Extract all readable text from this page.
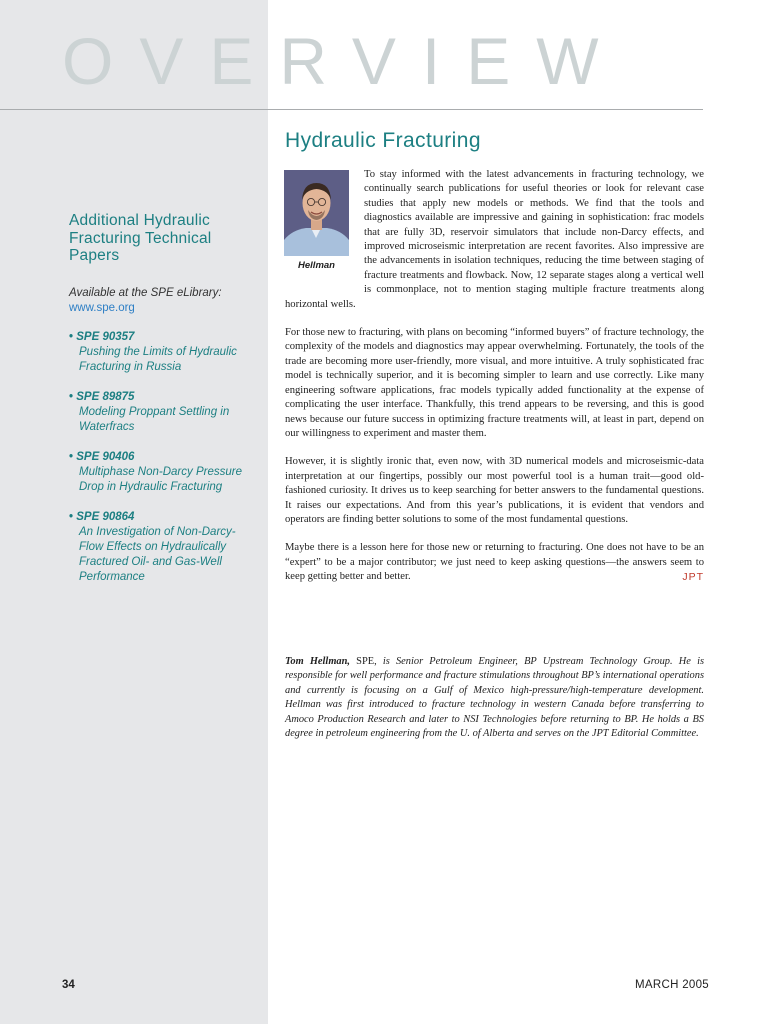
OVERVIEW
Additional Hydraulic Fracturing Technical Papers
Available at the SPE eLibrary:
www.spe.org
• SPE 90357
Pushing the Limits of Hydraulic Fracturing in Russia
• SPE 89875
Modeling Proppant Settling in Waterfracs
• SPE 90406
Multiphase Non-Darcy Pressure Drop in Hydraulic Fracturing
• SPE 90864
An Investigation of Non-Darcy-Flow Effects on Hydraulically Fractured Oil- and Gas-Well Performance
Hydraulic Fracturing
Hellman

To stay informed with the latest advancements in fracturing technology, we continually search publications for useful theories or look for relevant case studies that apply new models or methods. We find that the tools and diagnostics available are impressive and gaining in sophistication: frac models that are fully 3D, reservoir simulators that include non-Darcy effects, and improved microseismic interpretation are recent favorites. Also impressive are the advancements in isolation techniques, reducing the time between staging of fracture treatments and flowback. Now, 12 separate stages along a vertical well is commonplace, not to mention staging multiple fracture treatments along horizontal wells.

For those new to fracturing, with plans on becoming “informed buyers” of fracture technology, the complexity of the models and diagnostics may appear overwhelming. Fortunately, the tools of the trade are becoming more user-friendly, more visual, and more intuitive. A truly sophisticated frac model is technically superior, and it is becoming simpler to learn and use correctly. Like many engineering software applications, frac models typically added functionality at the expense of complicating the user interface. Thankfully, this trend appears to be reversing, and this is good news because our future success in optimizing fracture treatments will, at least in part, depend on our willingness to experiment and master them.

However, it is slightly ironic that, even now, with 3D numerical models and microseismic-data interpretation at our fingertips, possibly our most powerful tool is a human trait—good old-fashioned curiosity. It drives us to keep searching for better answers to the fundamental questions. It raises our expectations. And from this year’s publications, it is evident that vendors and operators are finding better solutions to some of the most fundamental questions.

Maybe there is a lesson here for those new or returning to fracturing. One does not have to be an “expert” to be a major contributor; we just need to keep asking questions—the answers seem to keep getting better and better.	JPT

Tom Hellman, SPE, is Senior Petroleum Engineer, BP Upstream Technology Group. He is responsible for well performance and fracture stimulations throughout BP’s international operations and currently is focusing on a Gulf of Mexico high-pressure/high-temperature development. Hellman was first introduced to fracture technology in western Canada before transferring to Amoco Production Research and later to NSI Technologies before returning to BP. He holds a BS degree in petroleum engineering from the U. of Alberta and serves on the JPT Editorial Committee.
34	MARCH 2005
